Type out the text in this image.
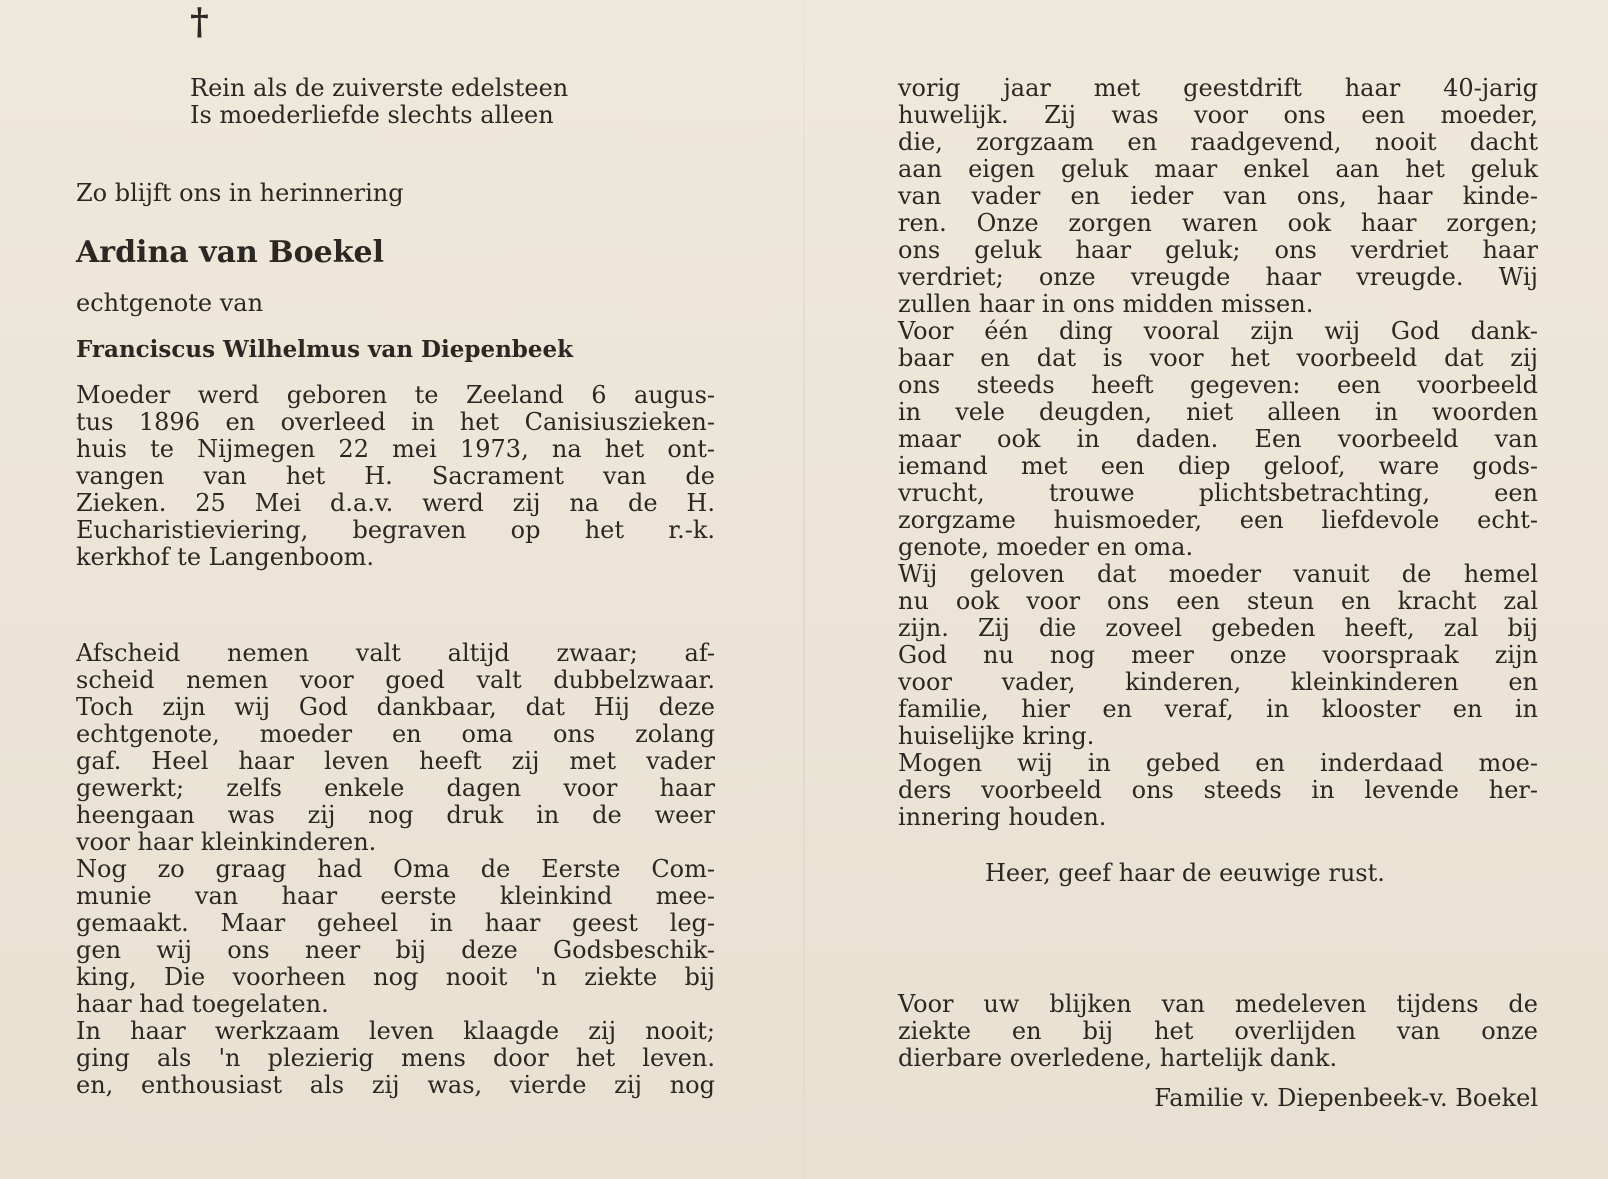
†
Rein als de zuiverste edelsteen
Is moederliefde slechts alleen
Zo blijft ons in herinnering
Ardina van Boekel
echtgenote van
Franciscus Wilhelmus van Diepenbeek
Moeder werd geboren te Zeeland 6 augus-
tus 1896 en overleed in het Canisiuszieken-
huis te Nijmegen 22 mei 1973, na het ont-
vangen van het H. Sacrament van de
Zieken. 25 Mei d.a.v. werd zij na de H.
Eucharistieviering, begraven op het r.-k.
kerkhof te Langenboom.
Afscheid nemen valt altijd zwaar; af-
scheid nemen voor goed valt dubbelzwaar.
Toch zijn wij God dankbaar, dat Hij deze
echtgenote, moeder en oma ons zolang
gaf. Heel haar leven heeft zij met vader
gewerkt; zelfs enkele dagen voor haar
heengaan was zij nog druk in de weer
voor haar kleinkinderen.
Nog zo graag had Oma de Eerste Com-
munie van haar eerste kleinkind mee-
gemaakt. Maar geheel in haar geest leg-
gen wij ons neer bij deze Godsbeschik-
king, Die voorheen nog nooit 'n ziekte bij
haar had toegelaten.
In haar werkzaam leven klaagde zij nooit;
ging als 'n plezierig mens door het leven.
en, enthousiast als zij was, vierde zij nog
vorig jaar met geestdrift haar 40-jarig
huwelijk. Zij was voor ons een moeder,
die, zorgzaam en raadgevend, nooit dacht
aan eigen geluk maar enkel aan het geluk
van vader en ieder van ons, haar kinde-
ren. Onze zorgen waren ook haar zorgen;
ons geluk haar geluk; ons verdriet haar
verdriet; onze vreugde haar vreugde. Wij
zullen haar in ons midden missen.
Voor één ding vooral zijn wij God dank-
baar en dat is voor het voorbeeld dat zij
ons steeds heeft gegeven: een voorbeeld
in vele deugden, niet alleen in woorden
maar ook in daden. Een voorbeeld van
iemand met een diep geloof, ware gods-
vrucht, trouwe plichtsbetrachting, een
zorgzame huismoeder, een liefdevole echt-
genote, moeder en oma.
Wij geloven dat moeder vanuit de hemel
nu ook voor ons een steun en kracht zal
zijn. Zij die zoveel gebeden heeft, zal bij
God nu nog meer onze voorspraak zijn
voor vader, kinderen, kleinkinderen en
familie, hier en veraf, in klooster en in
huiselijke kring.
Mogen wij in gebed en inderdaad moe-
ders voorbeeld ons steeds in levende her-
innering houden.
Heer, geef haar de eeuwige rust.
Voor uw blijken van medeleven tijdens de
ziekte en bij het overlijden van onze
dierbare overledene, hartelijk dank.
Familie v. Diepenbeek-v. Boekel
